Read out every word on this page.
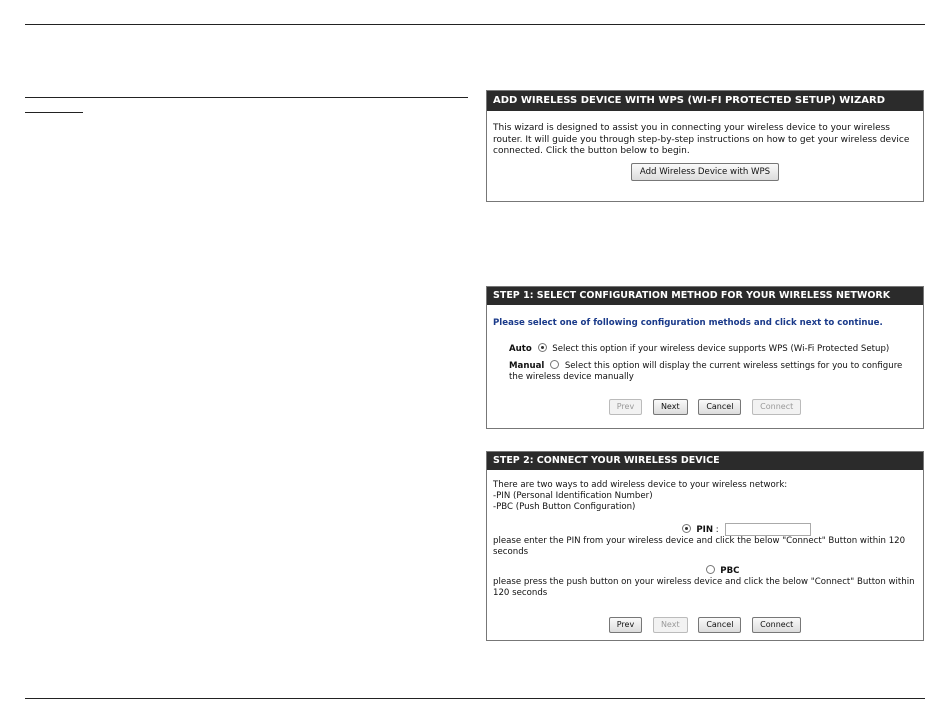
ADD WIRELESS DEVICE WITH WPS (WI-FI PROTECTED SETUP) WIZARD

This wizard is designed to assist you in connecting your wireless device to your wireless router. It will guide you through step-by-step instructions on how to get your wireless device connected. Click the button below to begin.

Add Wireless Device with WPS
STEP 1: SELECT CONFIGURATION METHOD FOR YOUR WIRELESS NETWORK

Please select one of following configuration methods and click next to continue.

Auto Select this option if your wireless device supports WPS (Wi-Fi Protected Setup)
Manual Select this option will display the current wireless settings for you to configure the wireless device manually
Prev	Next	Cancel	Connect
STEP 2: CONNECT YOUR WIRELESS DEVICE

There are two ways to add wireless device to your wireless network:

-PIN (Personal Identification Number)

-PBC (Push Button Configuration)

PIN :

please enter the PIN from your wireless device and click the below "Connect" Button within 120 seconds

PBC

please press the push button on your wireless device and click the below "Connect" Button within 120 seconds

Prev	Next	Cancel	Connect
